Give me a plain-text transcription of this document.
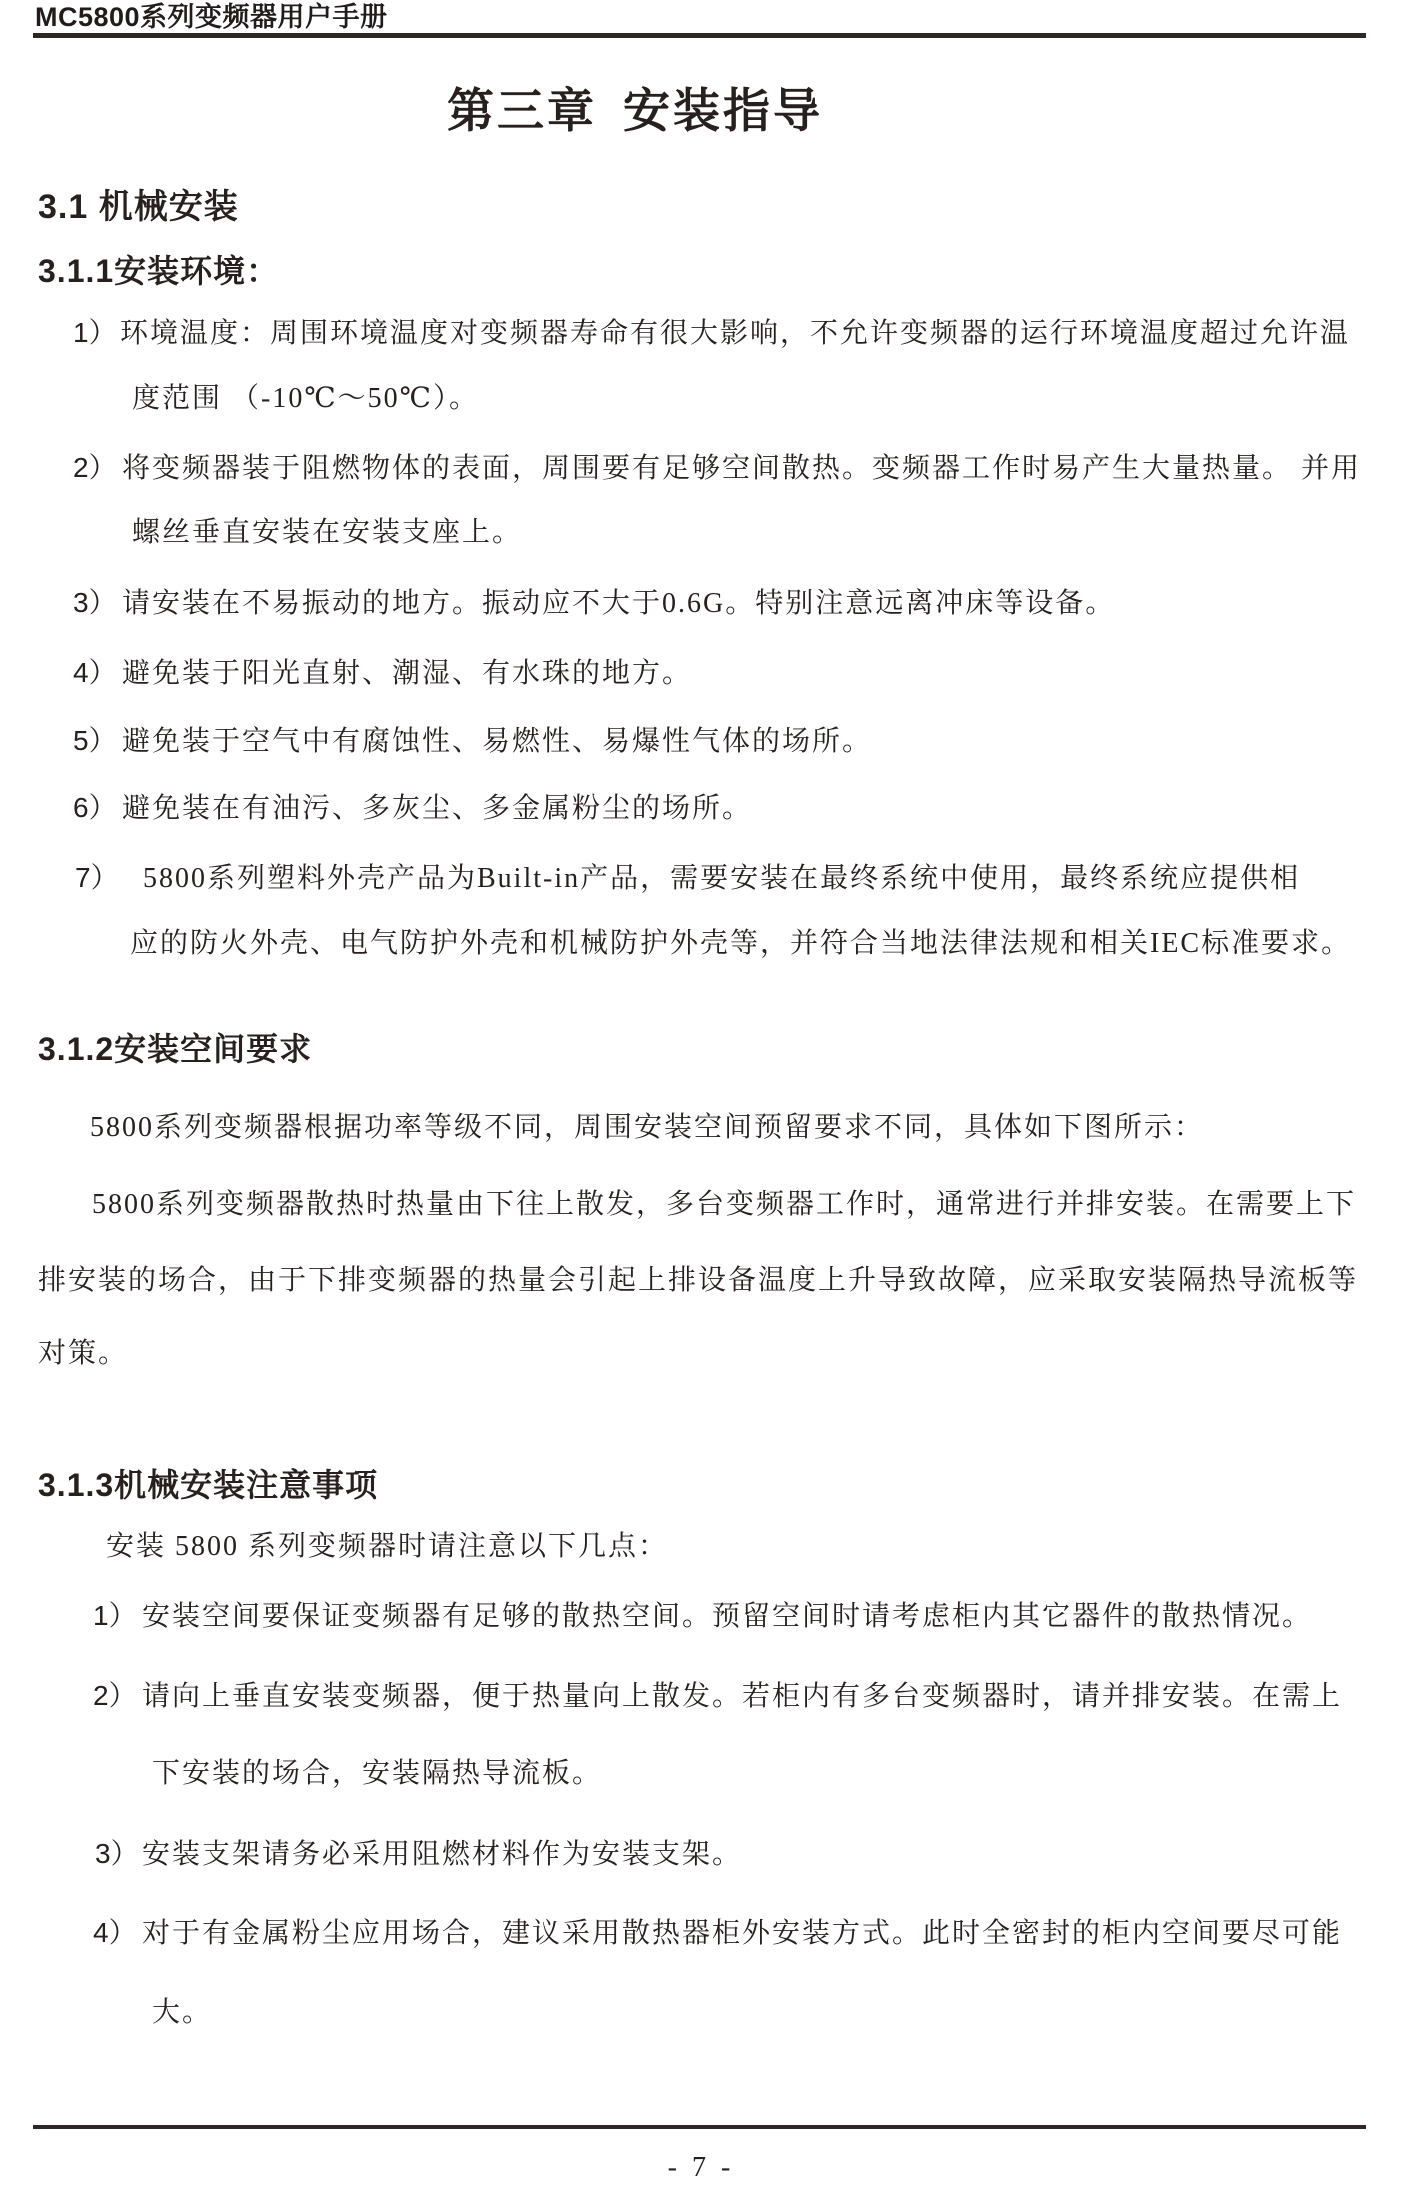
MC5800系列变频器用户手册
第三章 安装指导
3.1 机械安装
3.1.1安装环境：
1） 环境温度：周围环境温度对变频器寿命有很大影响，不允许变频器的运行环境温度超过允许温
度范围 （-10℃～50℃）。
2） 将变频器装于阻燃物体的表面，周围要有足够空间散热。变频器工作时易产生大量热量。 并用
螺丝垂直安装在安装支座上。
3） 请安装在不易振动的地方。振动应不大于0.6G。特别注意远离冲床等设备。
4） 避免装于阳光直射、潮湿、有水珠的地方。
5） 避免装于空气中有腐蚀性、易燃性、易爆性气体的场所。
6） 避免装在有油污、多灰尘、多金属粉尘的场所。
7） 5800系列塑料外壳产品为Built-in产品，需要安装在最终系统中使用，最终系统应提供相
应的防火外壳、电气防护外壳和机械防护外壳等，并符合当地法律法规和相关IEC标准要求。
3.1.2安装空间要求
5800系列变频器根据功率等级不同，周围安装空间预留要求不同，具体如下图所示：
5800系列变频器散热时热量由下往上散发，多台变频器工作时，通常进行并排安装。在需要上下
排安装的场合，由于下排变频器的热量会引起上排设备温度上升导致故障，应采取安装隔热导流板等
对策。
3.1.3机械安装注意事项
安装 5800 系列变频器时请注意以下几点：
1） 安装空间要保证变频器有足够的散热空间。预留空间时请考虑柜内其它器件的散热情况。
2） 请向上垂直安装变频器，便于热量向上散发。若柜内有多台变频器时，请并排安装。在需上
下安装的场合，安装隔热导流板。
3） 安装支架请务必采用阻燃材料作为安装支架。
4） 对于有金属粉尘应用场合，建议采用散热器柜外安装方式。此时全密封的柜内空间要尽可能
大。
- 7 -
